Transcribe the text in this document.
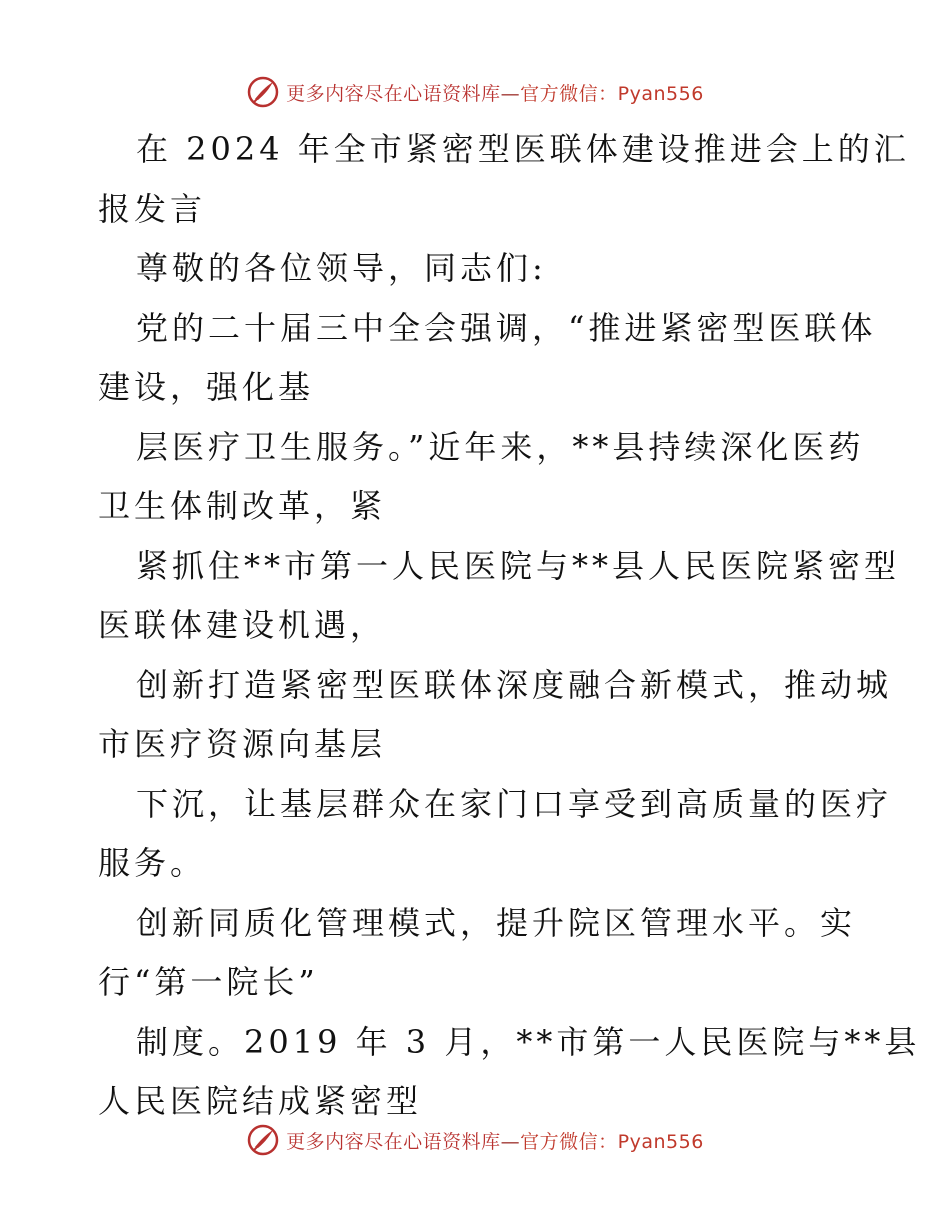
更多内容尽在心语资料库—官方微信：Pyan556
在 2024 年全市紧密型医联体建设推进会上的汇
报发言
尊敬的各位领导，同志们:
党的二十届三中全会强调，“推进紧密型医联体
建设，强化基
层医疗卫生服务。”近年来，**县持续深化医药
卫生体制改革，紧
紧抓住**市第一人民医院与**县人民医院紧密型
医联体建设机遇，
创新打造紧密型医联体深度融合新模式，推动城
市医疗资源向基层
下沉，让基层群众在家门口享受到高质量的医疗
服务。
创新同质化管理模式，提升院区管理水平。实
行“第一院长”
制度。2019 年 3 月，**市第一人民医院与**县
人民医院结成紧密型
更多内容尽在心语资料库—官方微信：Pyan556
